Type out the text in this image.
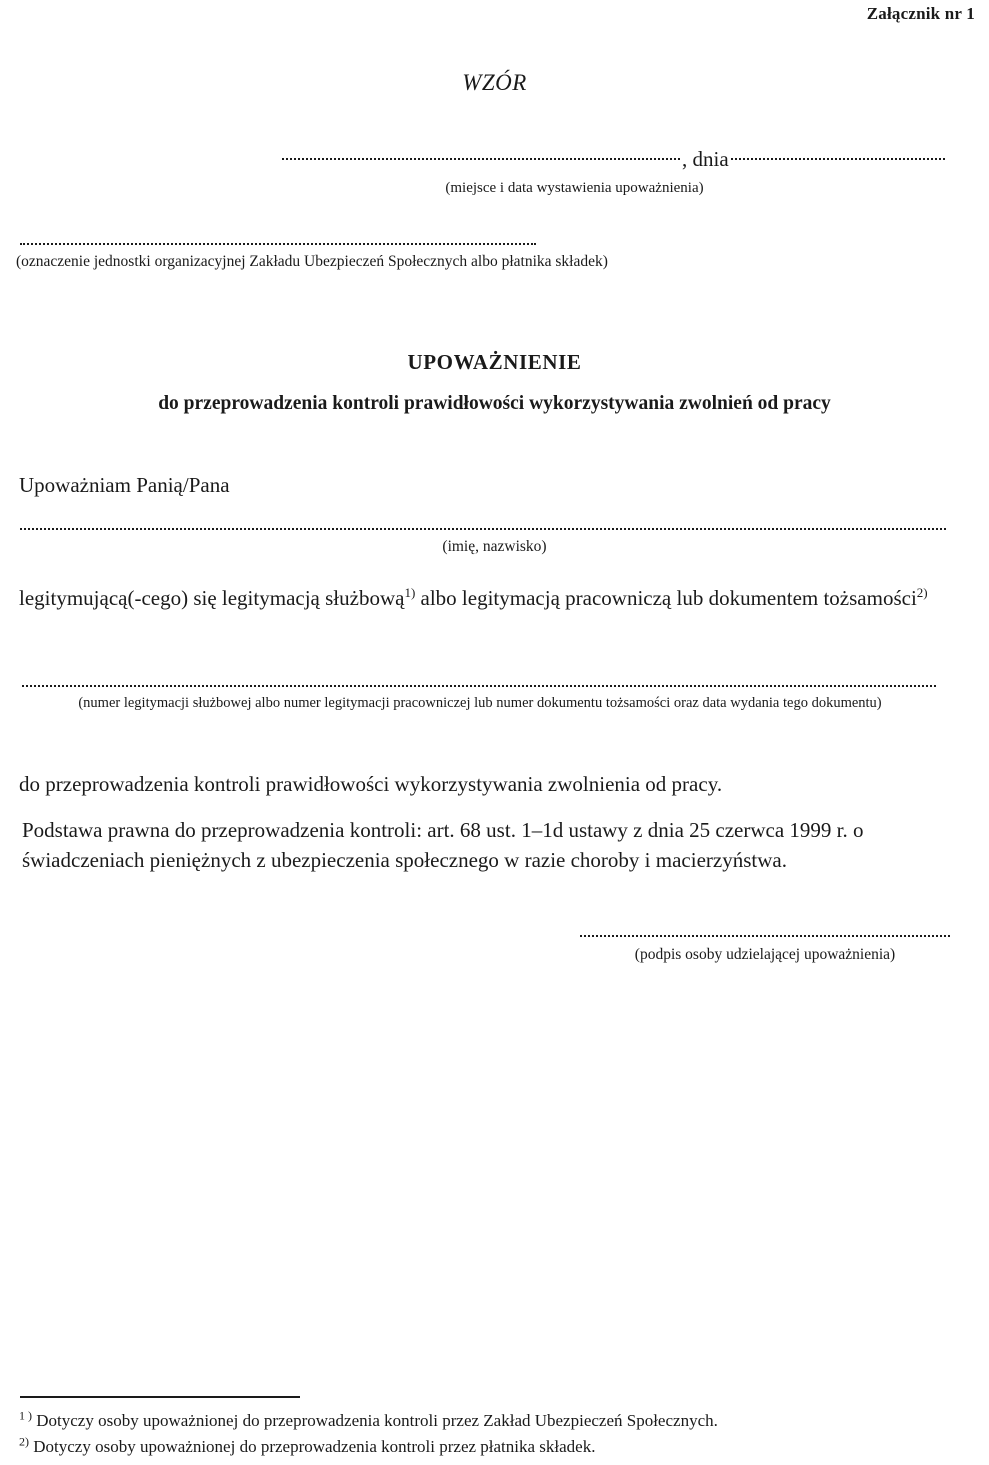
Załącznik nr 1
WZÓR
, dnia
(miejsce i data wystawienia upoważnienia)
(oznaczenie jednostki organizacyjnej Zakładu Ubezpieczeń Społecznych albo płatnika składek)
UPOWAŻNIENIE
do przeprowadzenia kontroli prawidłowości wykorzystywania zwolnień od pracy
Upoważniam Panią/Pana
(imię, nazwisko)
legitymującą(-cego) się legitymacją służbową$^{1)}$ albo legitymacją pracowniczą lub dokumentem tożsamości$^{2)}$
(numer legitymacji służbowej albo numer legitymacji pracowniczej lub numer dokumentu tożsamości oraz data wydania tego dokumentu)
do przeprowadzenia kontroli prawidłowości wykorzystywania zwolnienia od pracy.
Podstawa prawna do przeprowadzenia kontroli: art. 68 ust. 1–1d ustawy z dnia 25 czerwca 1999 r. o świadczeniach pieniężnych z ubezpieczenia społecznego w razie choroby i macierzyństwa.
(podpis osoby udzielającej upoważnienia)
$^{1 )}$ Dotyczy osoby upoważnionej do przeprowadzenia kontroli przez Zakład Ubezpieczeń Społecznych.
$^{2)}$ Dotyczy osoby upoważnionej do przeprowadzenia kontroli przez płatnika składek.
